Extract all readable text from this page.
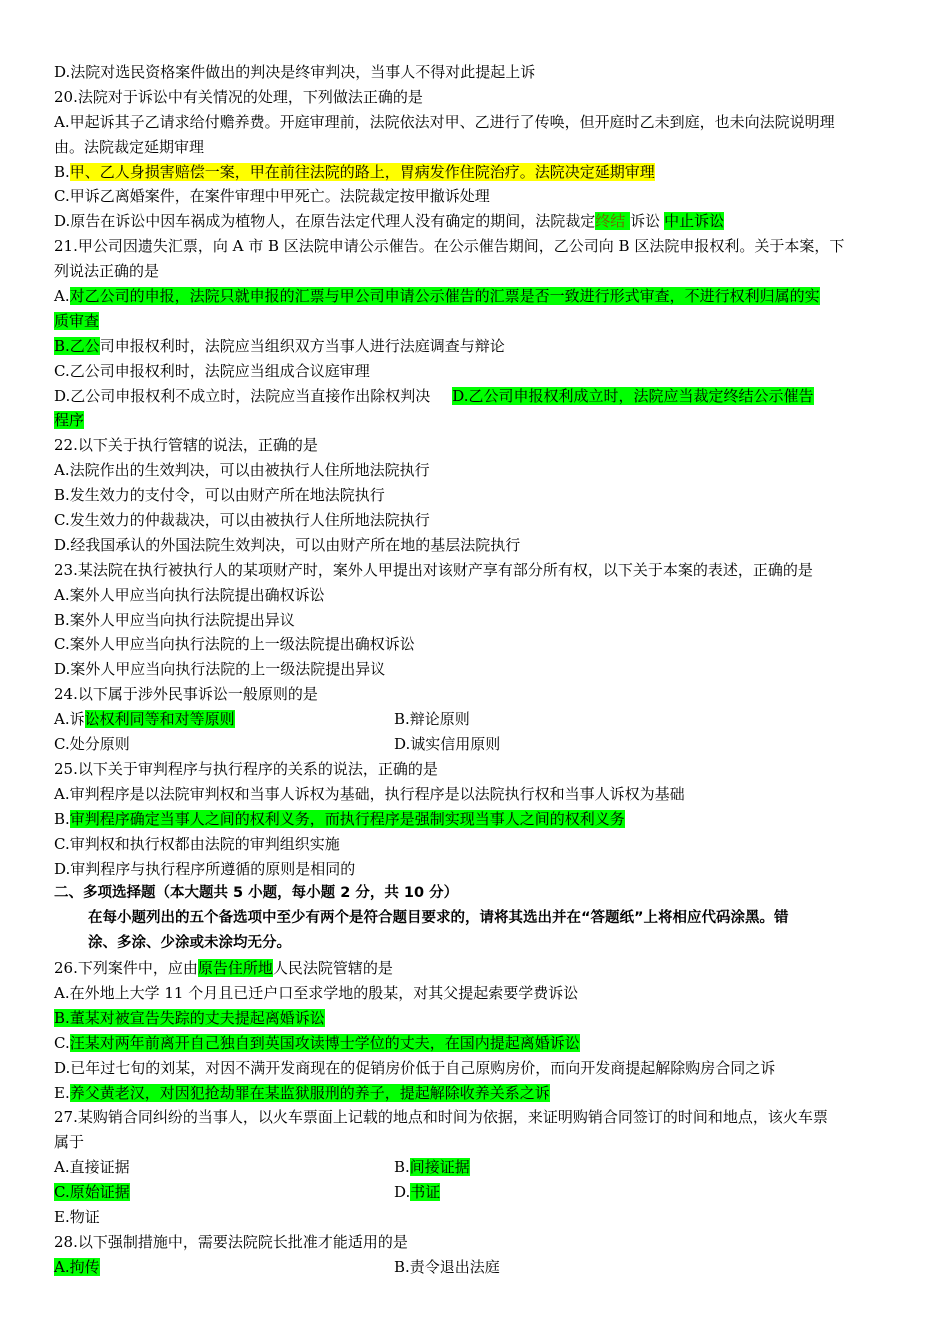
D.法院对选民资格案件做出的判决是终审判决，当事人不得对此提起上诉
20.法院对于诉讼中有关情况的处理，下列做法正确的是
A.甲起诉其子乙请求给付赡养费。开庭审理前，法院依法对甲、乙进行了传唤，但开庭时乙未到庭，也未向法院说明理
由。法院裁定延期审理
B.甲、乙人身损害赔偿一案，甲在前往法院的路上，胃病发作住院治疗。法院决定延期审理
C.甲诉乙离婚案件，在案件审理中甲死亡。法院裁定按甲撤诉处理
D.原告在诉讼中因车祸成为植物人，在原告法定代理人没有确定的期间，法院裁定终结 诉讼 中止诉讼
21.甲公司因遗失汇票，向 A 市 B 区法院申请公示催告。在公示催告期间，乙公司向 B 区法院申报权利。关于本案，下
列说法正确的是
A.对乙公司的申报，法院只就申报的汇票与甲公司申请公示催告的汇票是否一致进行形式审查，不进行权利归属的实
质审查
B.乙公司申报权利时，法院应当组织双方当事人进行法庭调查与辩论
C.乙公司申报权利时，法院应当组成合议庭审理
D.乙公司申报权利不成立时，法院应当直接作出除权判决 D.乙公司申报权利成立时，法院应当裁定终结公示催告
程序
22.以下关于执行管辖的说法，正确的是
A.法院作出的生效判决，可以由被执行人住所地法院执行
B.发生效力的支付令，可以由财产所在地法院执行
C.发生效力的仲裁裁决，可以由被执行人住所地法院执行
D.经我国承认的外国法院生效判决，可以由财产所在地的基层法院执行
23.某法院在执行被执行人的某项财产时，案外人甲提出对该财产享有部分所有权，以下关于本案的表述，正确的是
A.案外人甲应当向执行法院提出确权诉讼
B.案外人甲应当向执行法院提出异议
C.案外人甲应当向执行法院的上一级法院提出确权诉讼
D.案外人甲应当向执行法院的上一级法院提出异议
24.以下属于涉外民事诉讼一般原则的是
A.诉讼权利同等和对等原则	B.辩论原则
C.处分原则	D.诚实信用原则
25.以下关于审判程序与执行程序的关系的说法，正确的是
A.审判程序是以法院审判权和当事人诉权为基础，执行程序是以法院执行权和当事人诉权为基础
B.审判程序确定当事人之间的权利义务，而执行程序是强制实现当事人之间的权利义务
C.审判权和执行权都由法院的审判组织实施
D.审判程序与执行程序所遵循的原则是相同的
二、多项选择题（本大题共 5 小题，每小题 2 分，共 10 分）
在每小题列出的五个备选项中至少有两个是符合题目要求的，请将其选出并在“答题纸”上将相应代码涂黑。错
涂、多涂、少涂或未涂均无分。
26.下列案件中，应由原告住所地人民法院管辖的是
A.在外地上大学 11 个月且已迁户口至求学地的殷某，对其父提起索要学费诉讼
B.董某对被宣告失踪的丈夫提起离婚诉讼
C.汪某对两年前离开自己独自到英国攻读博士学位的丈夫，在国内提起离婚诉讼
D.已年过七旬的刘某，对因不满开发商现在的促销房价低于自己原购房价，而向开发商提起解除购房合同之诉
E.养父黄老汉，对因犯抢劫罪在某监狱服刑的养子，提起解除收养关系之诉
27.某购销合同纠纷的当事人，以火车票面上记载的地点和时间为依据，来证明购销合同签订的时间和地点，该火车票
属于
A.直接证据	B.间接证据
C.原始证据	D.书证
E.物证
28.以下强制措施中，需要法院院长批准才能适用的是
A.拘传	B.责令退出法庭
